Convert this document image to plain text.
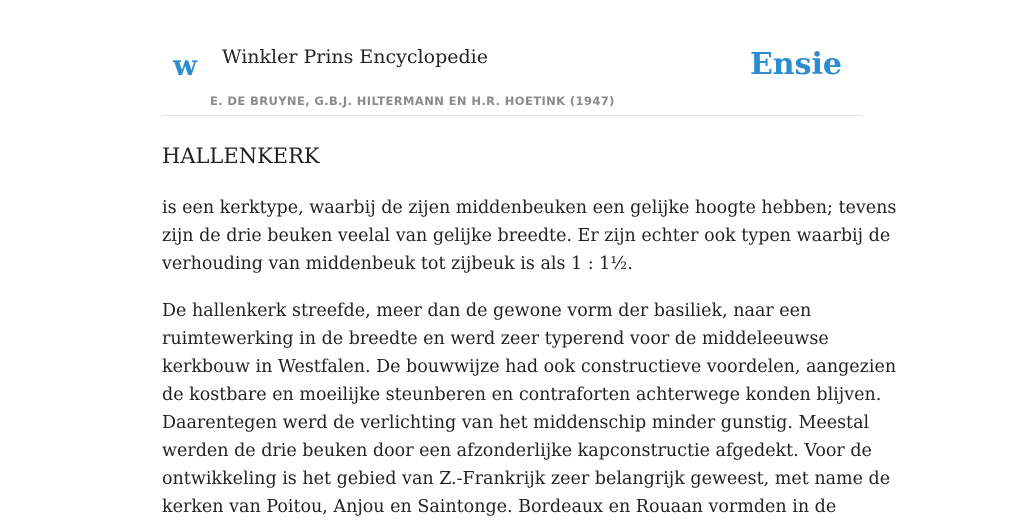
w Winkler Prins Encyclopedie
E. DE BRUYNE, G.B.J. HILTERMANN EN H.R. HOETINK (1947)
Ensie
HALLENKERK

is een kerktype, waarbij de zijen middenbeuken een gelijke hoogte hebben; tevens
zijn de drie beuken veelal van gelijke breedte. Er zijn echter ook typen waarbij de
verhouding van middenbeuk tot zijbeuk is als 1 : 1½.

De hallenkerk streefde, meer dan de gewone vorm der basiliek, naar een
ruimtewerking in de breedte en werd zeer typerend voor de middeleeuwse
kerkbouw in Westfalen. De bouwwijze had ook constructieve voordelen, aangezien
de kostbare en moeilijke steunberen en contraforten achterwege konden blijven.
Daarentegen werd de verlichting van het middenschip minder gunstig. Meestal
werden de drie beuken door een afzonderlijke kapconstructie afgedekt. Voor de
ontwikkeling is het gebied van Z.-Frankrijk zeer belangrijk geweest, met name de
kerken van Poitou, Anjou en Saintonge. Bordeaux en Rouaan vormden in de
